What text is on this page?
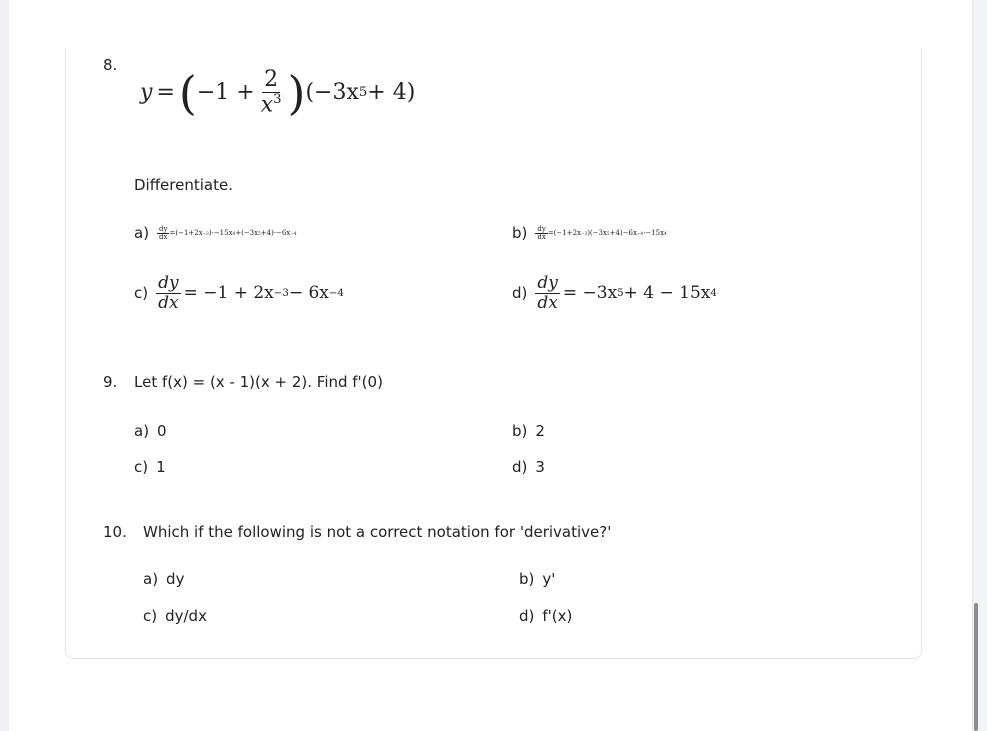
8.
y = ( $-1 + \frac{2}{x^3}$ ) (−3x 5 + 4)
Differentiate.
$a) \frac{dy}{dx} =(-1+2x -3$ )·−15x 4 +(−3x 5 +4)·−6x −4	$b) \frac{dy}{dx} =(-1+2x -3$ )(−3x 5 +4)−6x −4 ·−15x 4
$c) \frac{dy}{dx} = -1 + 2x -3 - 6x -4$	$d) \frac{dy}{dx} = -3x$ 5 + 4 − 15x 4
9. Let f(x) = (x - 1)(x + 2). Find f'(0)
a) 0	b) 2
c) 1	d) 3
10. Which if the following is not a correct notation for 'derivative?'
a) dy	b) y'
c) dy/dx	d) f'(x)
